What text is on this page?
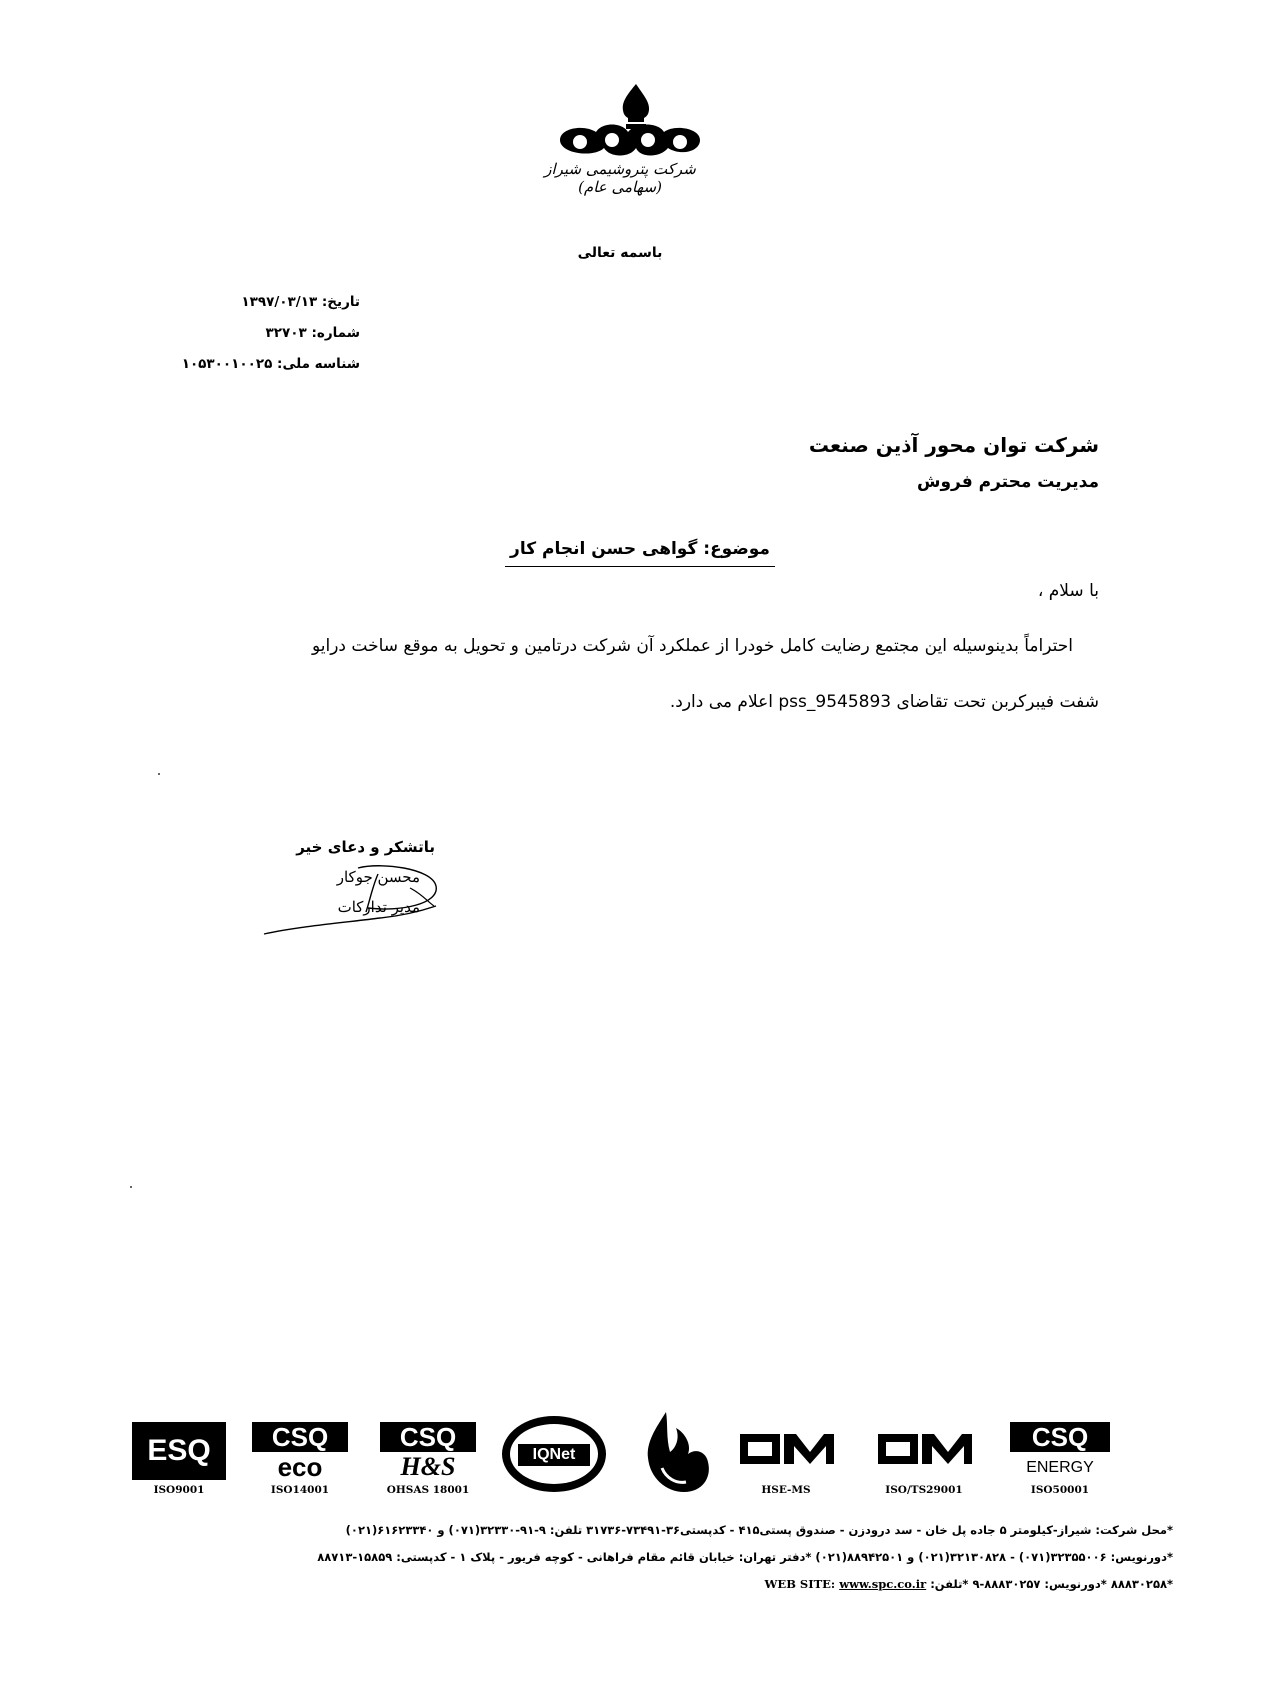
شرکت پتروشیمی شیراز (سهامی عام)
باسمه تعالی
تاریخ: ۱۳۹۷/۰۳/۱۳
شماره: ۳۲۷۰۳
شناسه ملی: ۱۰۵۳۰۰۱۰۰۲۵
شرکت توان محور آذین صنعت
مدیریت محترم فروش
موضوع: گواهی حسن انجام کار
با سلام ،
احتراماً بدینوسیله این مجتمع رضایت کامل خودرا از عملکرد آن شرکت درتامین و تحویل به موقع ساخت درایو
شفت فیبرکربن تحت تقاضای pss_9545893 اعلام می دارد.
باتشکر و دعای خیر
محسن جوکار
مدیر تدارکات
ESQ
ISO9001
CSQ
eco
ISO14001
CSQ
H&S
OHSAS 18001
IQNet
HSE-MS	ISO/TS29001
CSQ
ENERGY
ISO50001
*محل شرکت: شیراز-کیلومتر ۵ جاده پل خان - سد درودزن - صندوق پستی۴۱۵ - کدپستی۳۶-۷۳۴۹۱-۳۱۷۳۶ تلفن: ۹-۹۱-۳۲۳۳۰(۰۷۱) و ۶۱۶۲۳۳۴۰(۰۲۱)
*دورنویس: ۳۲۳۵۵۰۰۶(۰۷۱) - ۳۲۱۳۰۸۲۸(۰۲۱) و ۸۸۹۴۲۵۰۱(۰۲۱) *دفتر تهران: خیابان قائم مقام فراهانی - کوچه فریور - پلاک ۱ - کدپستی: ۱۵۸۵۹-۸۸۷۱۳
WEB SITE: www.spc.co.ir *۸۸۸۳۰۲۵۸ *دورنویس: ۸۸۸۳۰۲۵۷-۹ *تلفن:
